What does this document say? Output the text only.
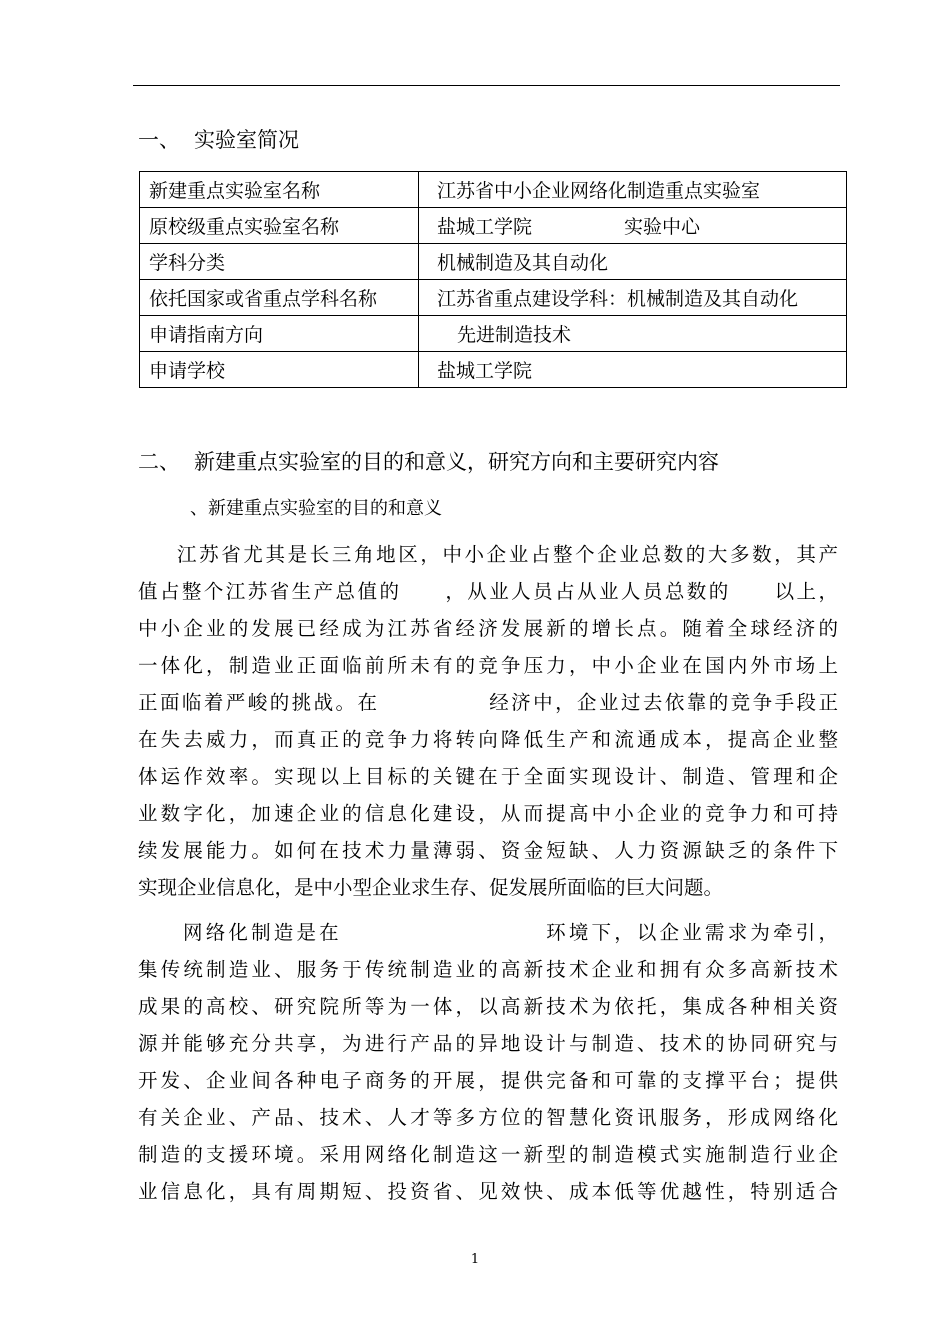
一、 实验室简况
新建重点实验室名称	江苏省中小企业网络化制造重点实验室
原校级重点实验室名称	盐城工学院 实验中心
学科分类	机械制造及其自动化
依托国家或省重点学科名称	江苏省重点建设学科：机械制造及其自动化
申请指南方向	先进制造技术
申请学校	盐城工学院
二、 新建重点实验室的目的和意义，研究方向和主要研究内容
、新建重点实验室的目的和意义
江苏省尤其是长三角地区，中小企业占整个企业总数的大多数，其产
值占整个江苏省生产总值的　　，从业人员占从业人员总数的　　以上，
中小企业的发展已经成为江苏省经济发展新的增长点。随着全球经济的
一体化，制造业正面临前所未有的竞争压力，中小企业在国内外市场上
正面临着严峻的挑战。在　　　　　经济中，企业过去依靠的竞争手段正
在失去威力，而真正的竞争力将转向降低生产和流通成本，提高企业整
体运作效率。实现以上目标的关键在于全面实现设计、制造、管理和企
业数字化，加速企业的信息化建设，从而提高中小企业的竞争力和可持
续发展能力。如何在技术力量薄弱、资金短缺、人力资源缺乏的条件下
实现企业信息化，是中小型企业求生存、促发展所面临的巨大问题。
网络化制造是在　　　　　　　　　环境下，以企业需求为牵引，
集传统制造业、服务于传统制造业的高新技术企业和拥有众多高新技术
成果的高校、研究院所等为一体，以高新技术为依托，集成各种相关资
源并能够充分共享，为进行产品的异地设计与制造、技术的协同研究与
开发、企业间各种电子商务的开展，提供完备和可靠的支撑平台；提供
有关企业、产品、技术、人才等多方位的智慧化资讯服务，形成网络化
制造的支援环境。采用网络化制造这一新型的制造模式实施制造行业企
业信息化，具有周期短、投资省、见效快、成本低等优越性，特别适合
1
